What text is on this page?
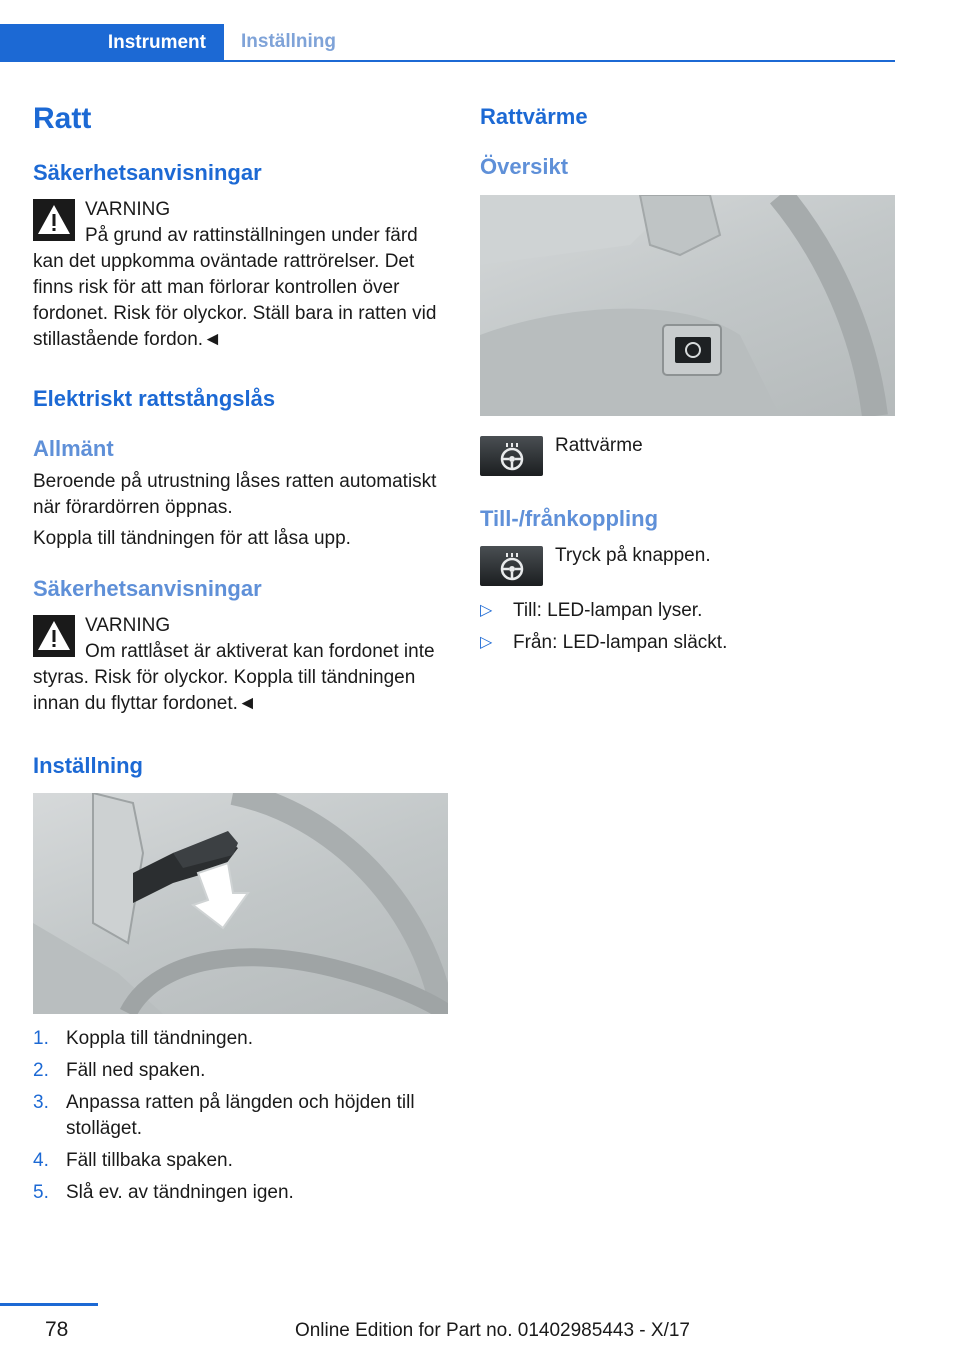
Instrument	Inställning
Ratt
Säkerhetsanvisningar
VARNING
På grund av rattinställningen under färd kan det uppkomma oväntade rattrörelser. Det finns risk för att man förlorar kontrollen över fordonet. Risk för olyckor. Ställ bara in ratten vid stillastående fordon.◄
Elektriskt rattstångslås
Allmänt
Beroende på utrustning låses ratten automatiskt när förardörren öppnas.
Koppla till tändningen för att låsa upp.
Säkerhetsanvisningar
VARNING
Om rattlåset är aktiverat kan fordonet inte styras. Risk för olyckor. Koppla till tändningen innan du flyttar fordonet.◄
Inställning
1. Koppla till tändningen.
2. Fäll ned spaken.
3. Anpassa ratten på längden och höjden till stolläget.
4. Fäll tillbaka spaken.
5. Slå ev. av tändningen igen.
Rattvärme
Översikt
Rattvärme
Till-/frånkoppling
Tryck på knappen.
▷ Till: LED-lampan lyser.
▷ Från: LED-lampan släckt.
78	Online Edition for Part no. 01402985443 - X/17
